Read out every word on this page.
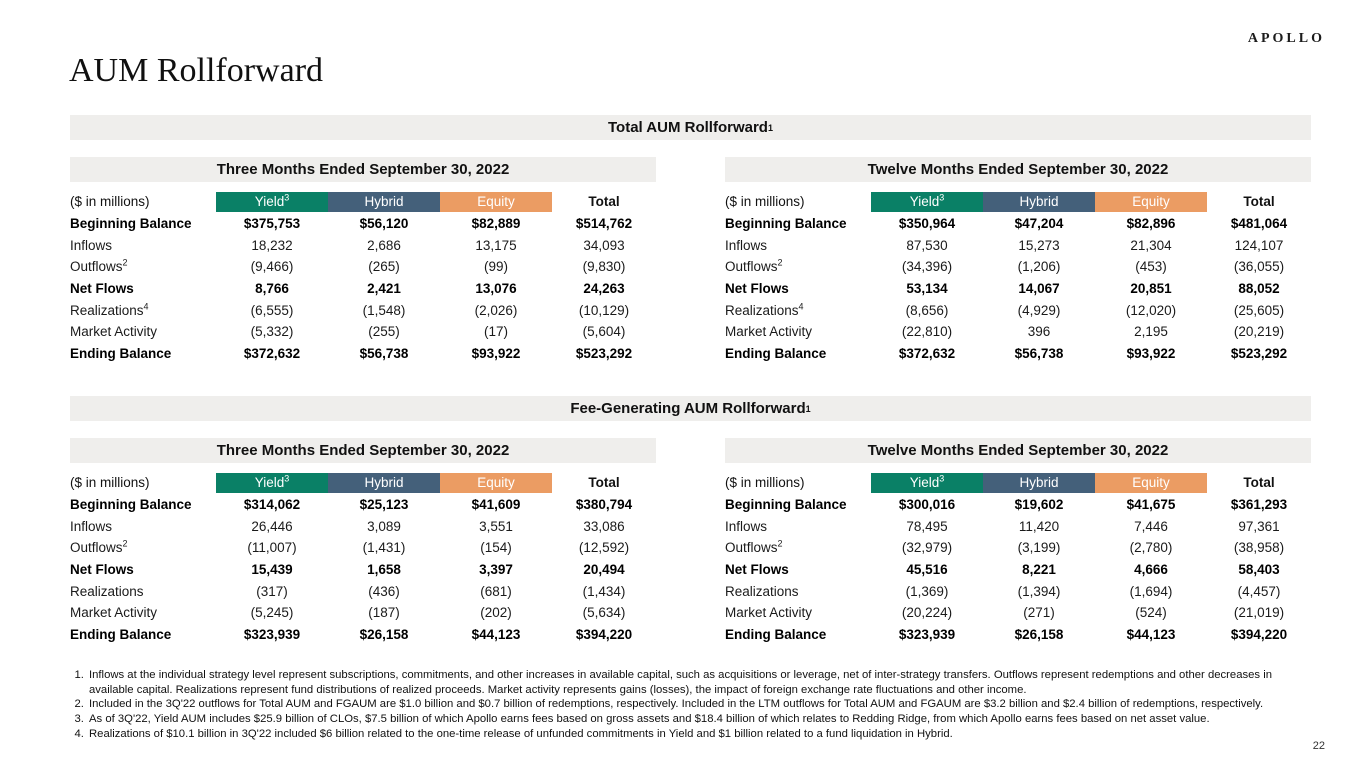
APOLLO
AUM Rollforward
Total AUM Rollforward 1
Three Months Ended September 30, 2022
($ in millions)	Yield$^3$	Hybrid	Equity	Total
Beginning Balance	$375,753	$56,120	$82,889	$514,762
Inflows	18,232	2,686	13,175	34,093
Outflows$^2$	(9,466)	(265)	(99)	(9,830)
Net Flows	8,766	2,421	13,076	24,263
Realizations$^4$	(6,555)	(1,548)	(2,026)	(10,129)
Market Activity	(5,332)	(255)	(17)	(5,604)
Ending Balance	$372,632	$56,738	$93,922	$523,292
Twelve Months Ended September 30, 2022
($ in millions)	Yield$^3$	Hybrid	Equity	Total
Beginning Balance	$350,964	$47,204	$82,896	$481,064
Inflows	87,530	15,273	21,304	124,107
Outflows$^2$	(34,396)	(1,206)	(453)	(36,055)
Net Flows	53,134	14,067	20,851	88,052
Realizations$^4$	(8,656)	(4,929)	(12,020)	(25,605)
Market Activity	(22,810)	396	2,195	(20,219)
Ending Balance	$372,632	$56,738	$93,922	$523,292
Fee-Generating AUM Rollforward 1
Three Months Ended September 30, 2022
($ in millions)	Yield$^3$	Hybrid	Equity	Total
Beginning Balance	$314,062	$25,123	$41,609	$380,794
Inflows	26,446	3,089	3,551	33,086
Outflows$^2$	(11,007)	(1,431)	(154)	(12,592)
Net Flows	15,439	1,658	3,397	20,494
Realizations	(317)	(436)	(681)	(1,434)
Market Activity	(5,245)	(187)	(202)	(5,634)
Ending Balance	$323,939	$26,158	$44,123	$394,220
Twelve Months Ended September 30, 2022
($ in millions)	Yield$^3$	Hybrid	Equity	Total
Beginning Balance	$300,016	$19,602	$41,675	$361,293
Inflows	78,495	11,420	7,446	97,361
Outflows$^2$	(32,979)	(3,199)	(2,780)	(38,958)
Net Flows	45,516	8,221	4,666	58,403
Realizations	(1,369)	(1,394)	(1,694)	(4,457)
Market Activity	(20,224)	(271)	(524)	(21,019)
Ending Balance	$323,939	$26,158	$44,123	$394,220
1. Inflows at the individual strategy level represent subscriptions, commitments, and other increases in available capital, such as acquisitions or leverage, net of inter-strategy transfers. Outflows represent redemptions and other decreases in available capital. Realizations represent fund distributions of realized proceeds. Market activity represents gains (losses), the impact of foreign exchange rate fluctuations and other income.
2. Included in the 3Q'22 outflows for Total AUM and FGAUM are $1.0 billion and $0.7 billion of redemptions, respectively. Included in the LTM outflows for Total AUM and FGAUM are $3.2 billion and $2.4 billion of redemptions, respectively.
3. As of 3Q'22, Yield AUM includes $25.9 billion of CLOs, $7.5 billion of which Apollo earns fees based on gross assets and $18.4 billion of which relates to Redding Ridge, from which Apollo earns fees based on net asset value.
4. Realizations of $10.1 billion in 3Q'22 included $6 billion related to the one-time release of unfunded commitments in Yield and $1 billion related to a fund liquidation in Hybrid.
22
